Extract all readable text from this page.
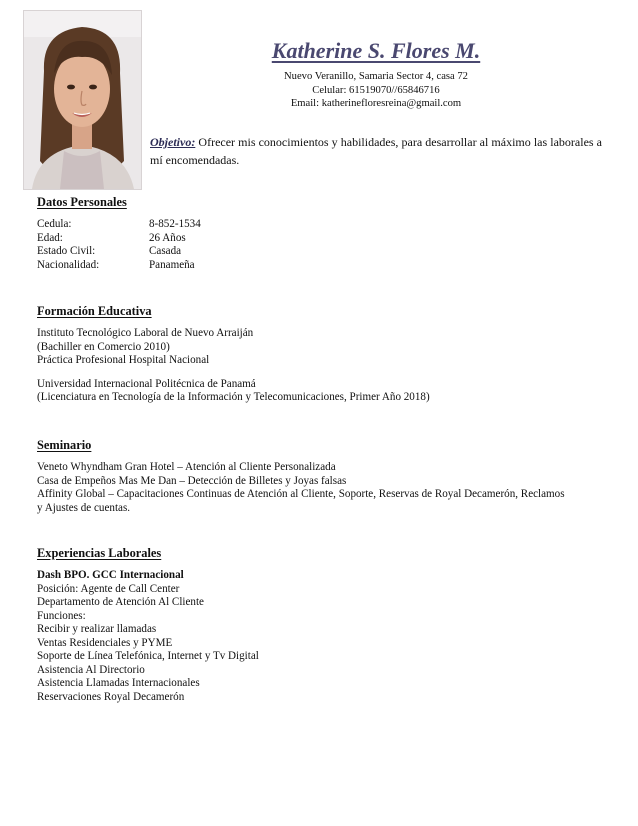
Katherine S. Flores M.
Nuevo Veranillo, Samaria Sector 4, casa 72
Celular: 61519070//65846716
Email: katherinefloresreina@gmail.com
Objetivo: Ofrecer mis conocimientos y habilidades, para desarrollar al máximo las laborales a mí encomendadas.
Datos Personales
Cedula:	8-852-1534
Edad:	26 Años
Estado Civil:	Casada
Nacionalidad:	Panameña
Formación Educativa

Instituto Tecnológico Laboral de Nuevo Arraiján

(Bachiller en Comercio 2010)

Práctica Profesional Hospital Nacional

Universidad Internacional Politécnica de Panamá

(Licenciatura en Tecnología de la Información y Telecomunicaciones, Primer Año 2018)

Seminario

Veneto Whyndham Gran Hotel – Atención al Cliente Personalizada

Casa de Empeños Mas Me Dan – Detección de Billetes y Joyas falsas

Affinity Global – Capacitaciones Continuas de Atención al Cliente, Soporte, Reservas de Royal Decamerón, Reclamos

y Ajustes de cuentas.

Experiencias Laborales

Dash BPO. GCC Internacional

Posición: Agente de Call Center

Departamento de Atención Al Cliente

Funciones:

Recibir y realizar llamadas

Ventas Residenciales y PYME

Soporte de Línea Telefónica, Internet y Tv Digital

Asistencia Al Directorio

Asistencia Llamadas Internacionales

Reservaciones Royal Decamerón
